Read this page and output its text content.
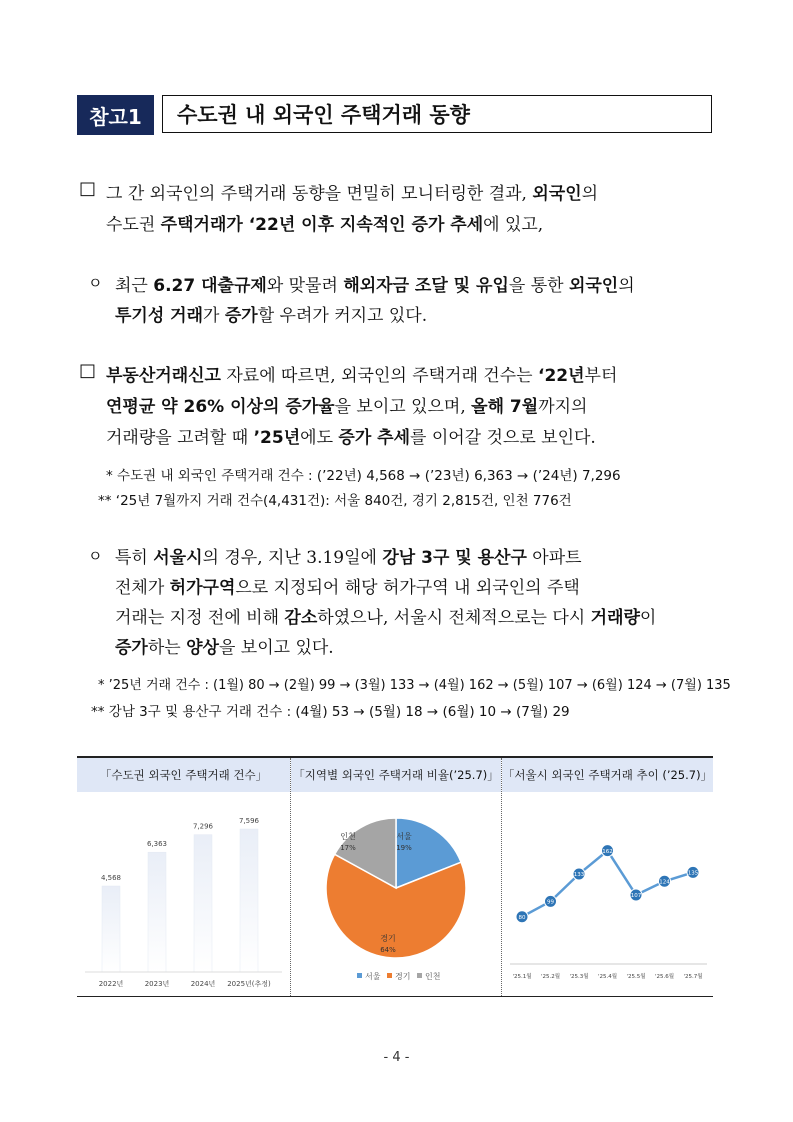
참고1	수도권 내 외국인 주택거래 동향
□ 그 간 외국인의 주택거래 동향을 면밀히 모니터링한 결과, 외국인의
수도권 주택거래가 ‘22년 이후 지속적인 증가 추세에 있고,
ㅇ 최근 6.27 대출규제와 맞물려 해외자금 조달 및 유입을 통한 외국인의
투기성 거래가 증가할 우려가 커지고 있다.
□ 부동산거래신고 자료에 따르면, 외국인의 주택거래 건수는 ‘22년부터
연평균 약 26% 이상의 증가율을 보이고 있으며, 올해 7월까지의
거래량을 고려할 때 ’25년에도 증가 추세를 이어갈 것으로 보인다.
* 수도권 내 외국인 주택거래 건수 : (’22년) 4,568 → (’23년) 6,363 → (’24년) 7,296
** ‘25년 7월까지 거래 건수(4,431건): 서울 840건, 경기 2,815건, 인천 776건
ㅇ 특히 서울시의 경우, 지난 3.19일에 강남 3구 및 용산구 아파트
전체가 허가구역으로 지정되어 해당 허가구역 내 외국인의 주택
거래는 지정 전에 비해 감소하였으나, 서울시 전체적으로는 다시 거래량이
증가하는 양상을 보이고 있다.
* ’25년 거래 건수 : (1월) 80 → (2월) 99 → (3월) 133 → (4월) 162 → (5월) 107 → (6월) 124 → (7월) 135
** 강남 3구 및 용산구 거래 건수 : (4월) 53 → (5월) 18 → (6월) 10 → (7월) 29
「수도권 외국인 주택거래 건수」
4,568
2022년
6,363
2023년
7,296
2024년
7,596
2025년(추정)
「지역별 외국인 주택거래 비율(’25.7)」
서울
19%
경기
64%
인천
17%
서울 경기 인천
「서울시 외국인 주택거래 추이 (’25.7)」
80
'25.1월
99
'25.2월
133
'25.3월
162
'25.4월
107
'25.5월
124
'25.6월
135
'25.7월
- 4 -
